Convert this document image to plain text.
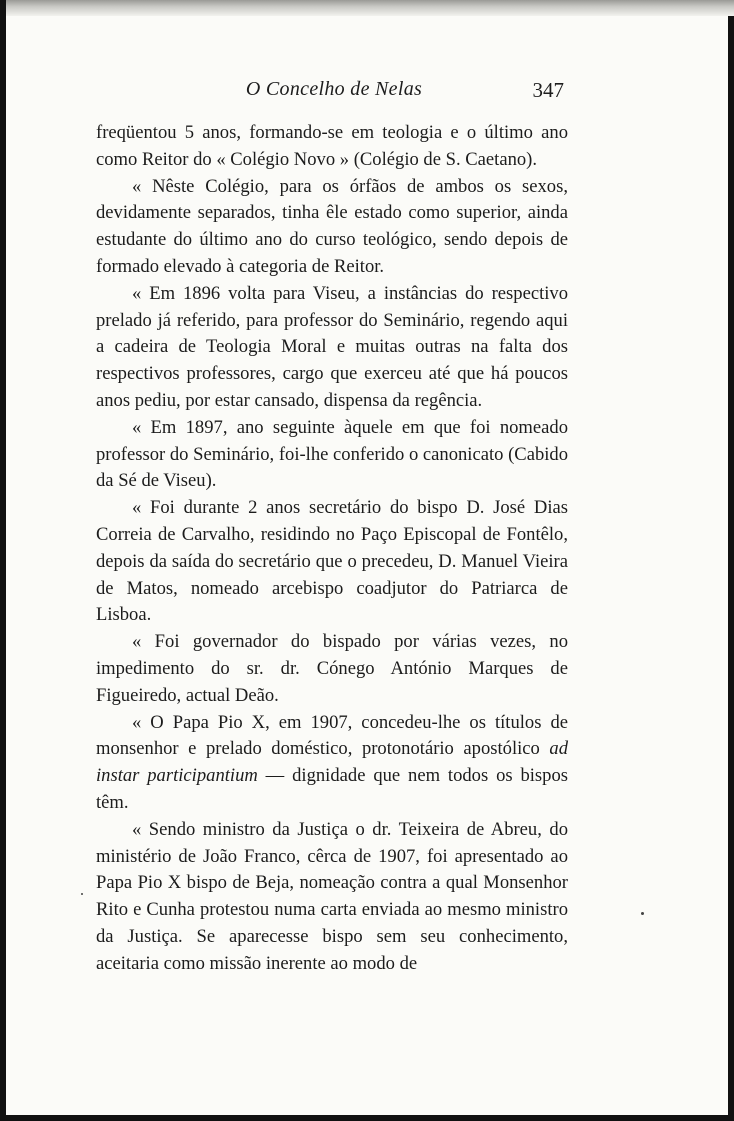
O Concelho de Nelas	347

freqüentou 5 anos, formando-se em teologia e o último ano como Reitor do « Colégio Novo » (Colégio de S. Caetano).

« Nêste Colégio, para os órfãos de ambos os sexos, devidamente separados, tinha êle estado como superior, ainda estudante do último ano do curso teológico, sendo depois de formado elevado à categoria de Reitor.

« Em 1896 volta para Viseu, a instâncias do respectivo prelado já referido, para professor do Seminário, regendo aqui a cadeira de Teologia Moral e muitas outras na falta dos respectivos professores, cargo que exerceu até que há poucos anos pediu, por estar cansado, dispensa da regência.

« Em 1897, ano seguinte àquele em que foi nomeado professor do Seminário, foi-lhe conferido o canonicato (Cabido da Sé de Viseu).

« Foi durante 2 anos secretário do bispo D. José Dias Correia de Carvalho, residindo no Paço Episcopal de Fontêlo, depois da saída do secretário que o precedeu, D. Manuel Vieira de Matos, nomeado arcebispo coadjutor do Patriarca de Lisboa.

« Foi governador do bispado por várias vezes, no impedimento do sr. dr. Cónego António Marques de Figueiredo, actual Deão.

« O Papa Pio X, em 1907, concedeu-lhe os títulos de monsenhor e prelado doméstico, protonotário apostólico ad instar participantium — dignidade que nem todos os bispos têm.

« Sendo ministro da Justiça o dr. Teixeira de Abreu, do ministério de João Franco, cêrca de 1907, foi apresentado ao Papa Pio X bispo de Beja, nomeação contra a qual Monsenhor Rito e Cunha protestou numa carta enviada ao mesmo ministro da Justiça. Se aparecesse bispo sem seu conhecimento, aceitaria como missão inerente ao modo de
